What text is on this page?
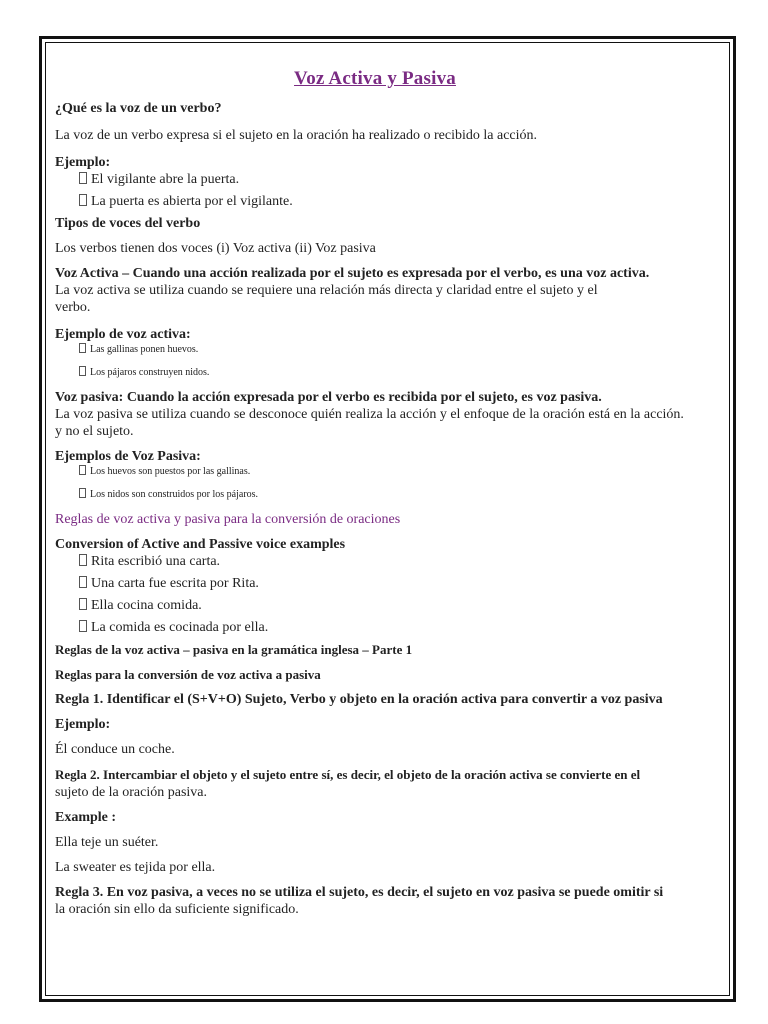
Voz Activa y Pasiva

¿Qué es la voz de un verbo?

La voz de un verbo expresa si el sujeto en la oración ha realizado o recibido la acción.

Ejemplo:

El vigilante abre la puerta.
La puerta es abierta por el vigilante.

Tipos de voces del verbo

Los verbos tienen dos voces (i) Voz activa (ii) Voz pasiva

Voz Activa – Cuando una acción realizada por el sujeto es expresada por el verbo, es una voz activa.

La voz activa se utiliza cuando se requiere una relación más directa y claridad entre el sujeto y el
verbo.

Ejemplo de voz activa:

Las gallinas ponen huevos.
Los pájaros construyen nidos.

Voz pasiva: Cuando la acción expresada por el verbo es recibida por el sujeto, es voz pasiva.

La voz pasiva se utiliza cuando se desconoce quién realiza la acción y el enfoque de la oración está en la acción.
y no el sujeto.

Ejemplos de Voz Pasiva:

Los huevos son puestos por las gallinas.
Los nidos son construidos por los pájaros.

Reglas de voz activa y pasiva para la conversión de oraciones

Conversion of Active and Passive voice examples

Rita escribió una carta.
Una carta fue escrita por Rita.
Ella cocina comida.
La comida es cocinada por ella.

Reglas de la voz activa – pasiva en la gramática inglesa – Parte 1

Reglas para la conversión de voz activa a pasiva

Regla 1. Identificar el (S+V+O) Sujeto, Verbo y objeto en la oración activa para convertir a voz pasiva

Ejemplo:

Él conduce un coche.

Regla 2. Intercambiar el objeto y el sujeto entre sí, es decir, el objeto de la oración activa se convierte en el
sujeto de la oración pasiva.

Example :

Ella teje un suéter.

La sweater es tejida por ella.

Regla 3. En voz pasiva, a veces no se utiliza el sujeto, es decir, el sujeto en voz pasiva se puede omitir si
la oración sin ello da suficiente significado.
